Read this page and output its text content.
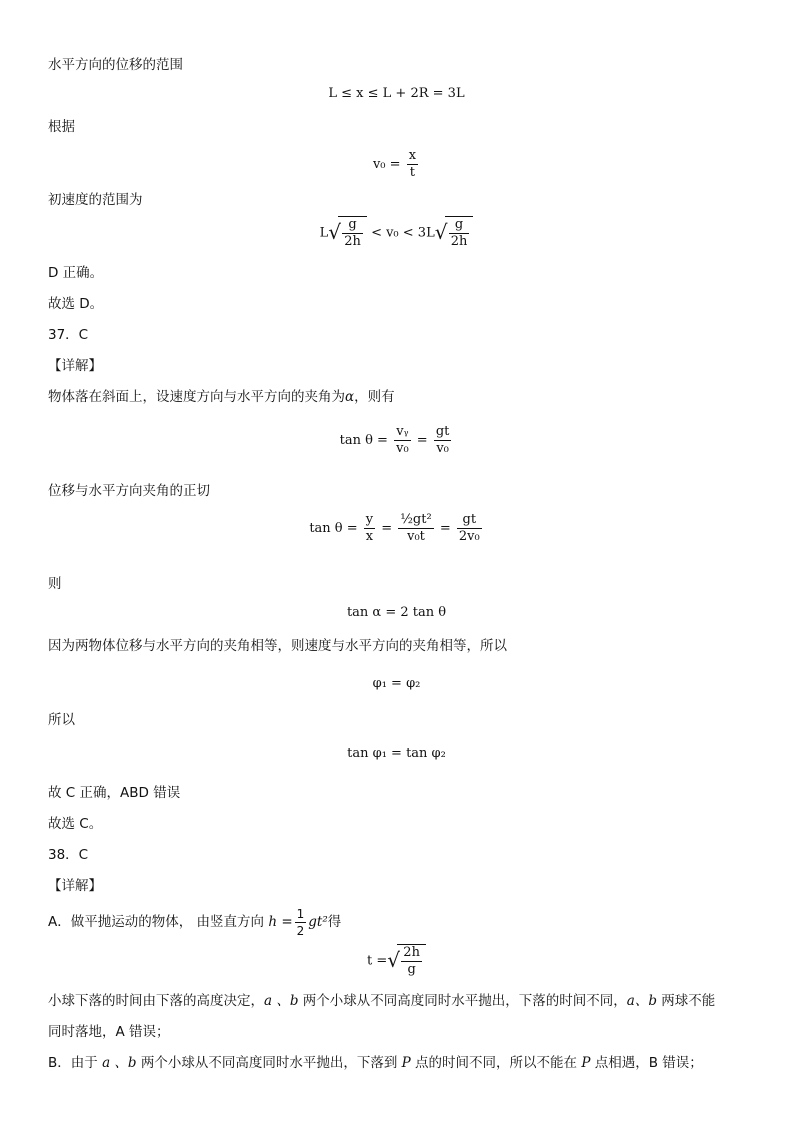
水平方向的位移的范围
L ≤ x ≤ L + 2R = 3L
根据
$v_0 = \frac{x}{t}$
初速度的范围为
L √ $\frac{g}{2h} < v_0 < 3L$ √ $\frac{g}{2h}$
D 正确。
故选 D。
37．C
【详解】
物体落在斜面上，设速度方向与水平方向的夹角为α，则有
$\tan \theta = \frac{\text{vᵧ}}{\text{v₀}} = \frac{gt}{\text{v₀}}$
位移与水平方向夹角的正切
$\tan \theta = \frac{y}{x} = \frac{\text{½gt²}}{\text{v₀t}} = \frac{gt}{\text{2v₀}}$
则
tan α = 2 tan θ
因为两物体位移与水平方向的夹角相等，则速度与水平方向的夹角相等，所以
φ₁ = φ₂
所以
tan φ₁ = tan φ₂
故 C 正确，ABD 错误
故选 C。
38．C
【详解】
A．做平抛运动的物体， 由竖直方向 $h = \frac{1}{2} gt^2$得
t = √ $\frac{2h}{g}$
小球下落的时间由下落的高度决定，a 、b 两个小球从不同高度同时水平抛出，下落的时间不同，a、b 两球不能
同时落地，A 错误；
B．由于 a 、b 两个小球从不同高度同时水平抛出，下落到 P 点的时间不同，所以不能在 P 点相遇，B 错误；
